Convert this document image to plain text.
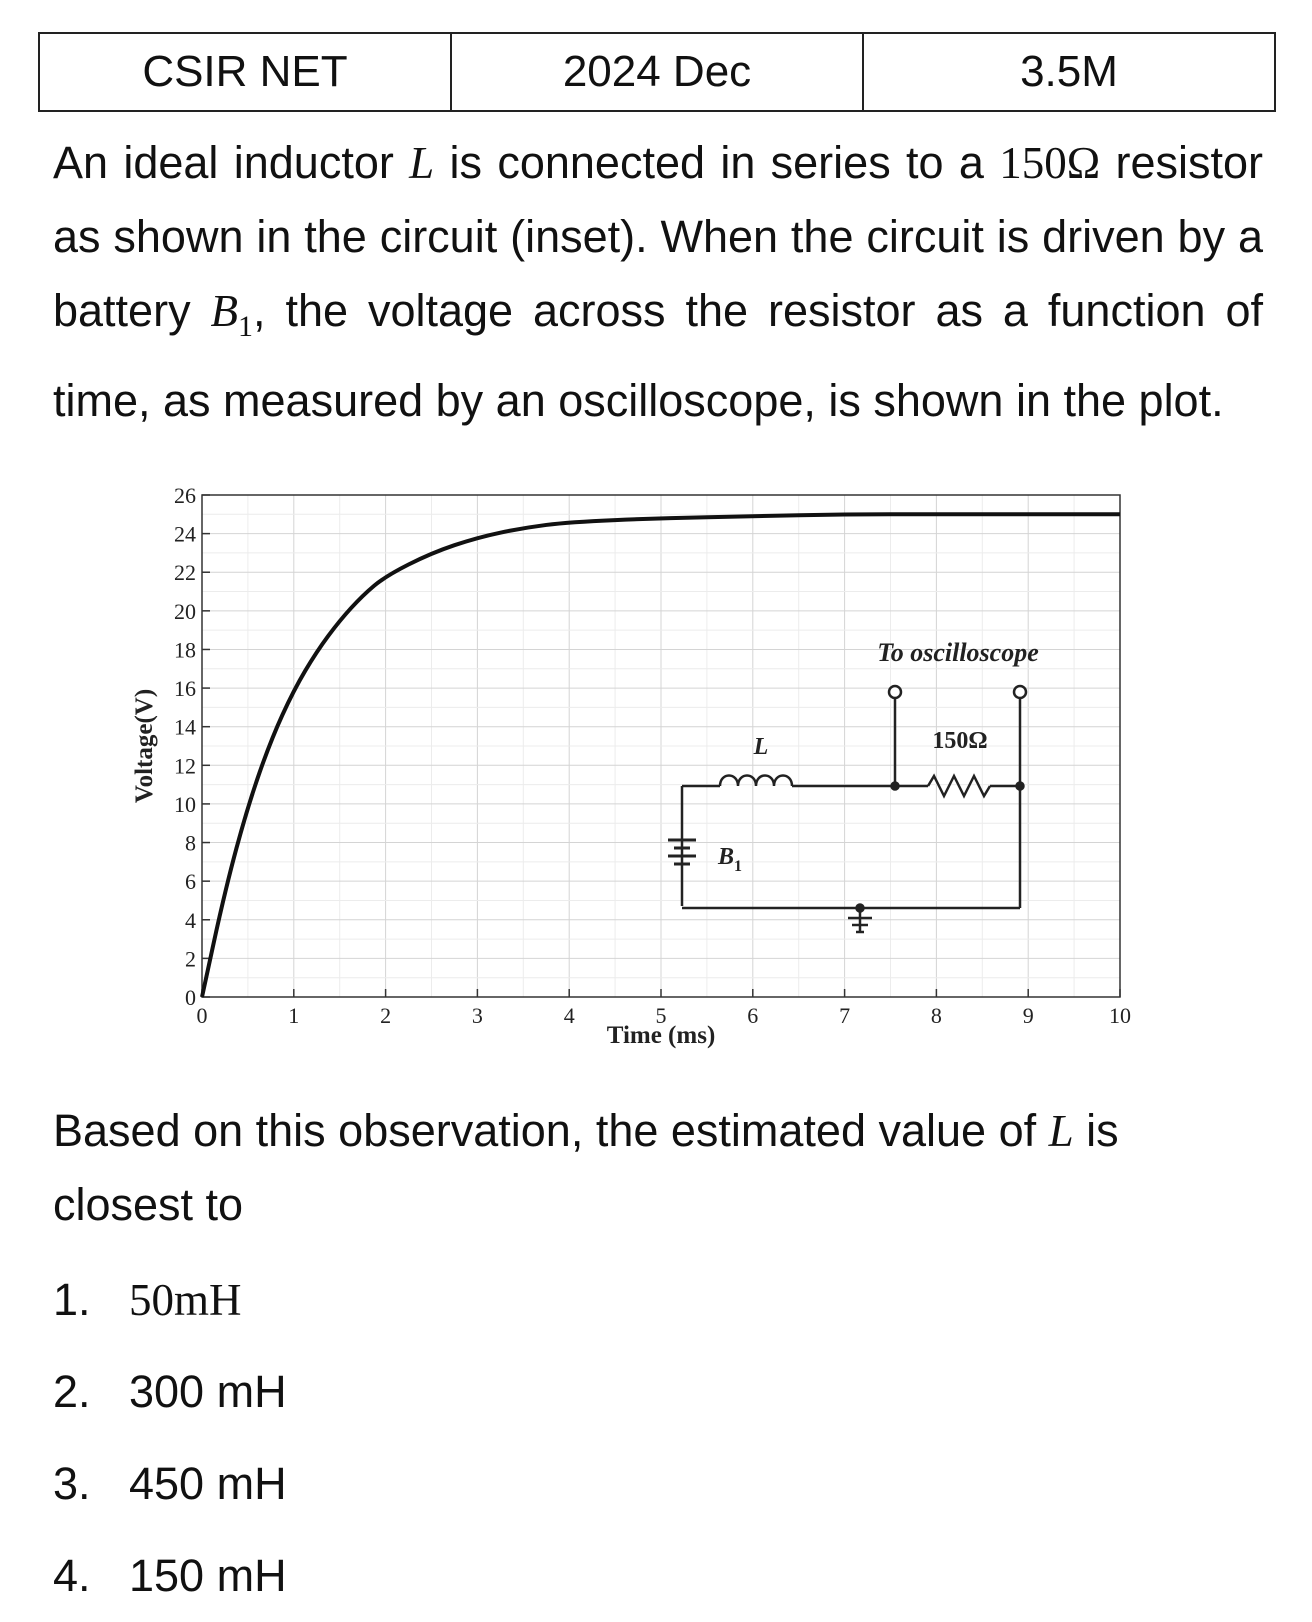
CSIR NET	2024 Dec	3.5M
An ideal inductor L is connected in series to a 150Ω resistor as shown in the circuit (inset). When the circuit is driven by a battery $B_1$, the voltage across the resistor as a function of time, as measured by an oscilloscope, is shown in the plot.
0	1	2	3	4	5	6	7	8	9	10
0
2
4
6
8
10
12
14
16
18
20
22
24
26
Time (ms)
Voltage(V)
To oscilloscope
L	150Ω
$B_1$
Based on this observation, the estimated value of L is closest to
1. 50mH
2. 300 mH
3. 450 mH
4. 150 mH
